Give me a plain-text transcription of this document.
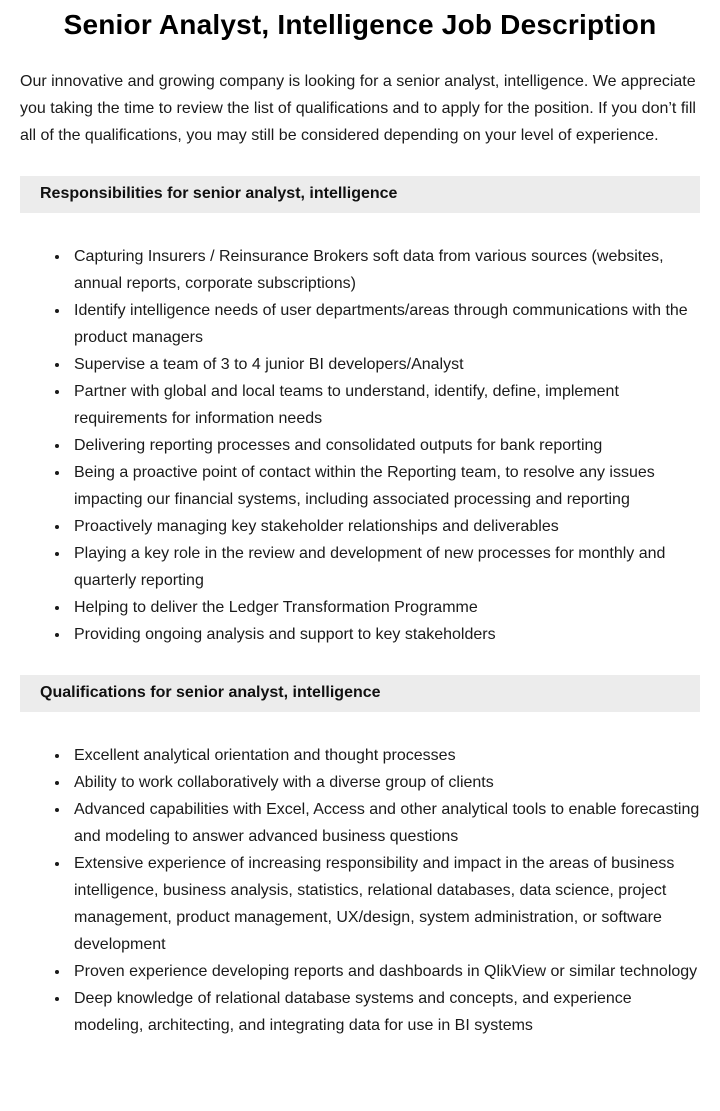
Senior Analyst, Intelligence Job Description

Our innovative and growing company is looking for a senior analyst, intelligence. We appreciate you taking the time to review the list of qualifications and to apply for the position. If you don’t fill all of the qualifications, you may still be considered depending on your level of experience.

Responsibilities for senior analyst, intelligence
• Capturing Insurers / Reinsurance Brokers soft data from various sources (websites, annual reports, corporate subscriptions)
• Identify intelligence needs of user departments/areas through communications with the product managers
• Supervise a team of 3 to 4 junior BI developers/Analyst
• Partner with global and local teams to understand, identify, define, implement requirements for information needs
• Delivering reporting processes and consolidated outputs for bank reporting
• Being a proactive point of contact within the Reporting team, to resolve any issues impacting our financial systems, including associated processing and reporting
• Proactively managing key stakeholder relationships and deliverables
• Playing a key role in the review and development of new processes for monthly and quarterly reporting
• Helping to deliver the Ledger Transformation Programme
• Providing ongoing analysis and support to key stakeholders
Qualifications for senior analyst, intelligence
• Excellent analytical orientation and thought processes
• Ability to work collaboratively with a diverse group of clients
• Advanced capabilities with Excel, Access and other analytical tools to enable forecasting and modeling to answer advanced business questions
• Extensive experience of increasing responsibility and impact in the areas of business intelligence, business analysis, statistics, relational databases, data science, project management, product management, UX/design, system administration, or software development
• Proven experience developing reports and dashboards in QlikView or similar technology
• Deep knowledge of relational database systems and concepts, and experience modeling, architecting, and integrating data for use in BI systems
